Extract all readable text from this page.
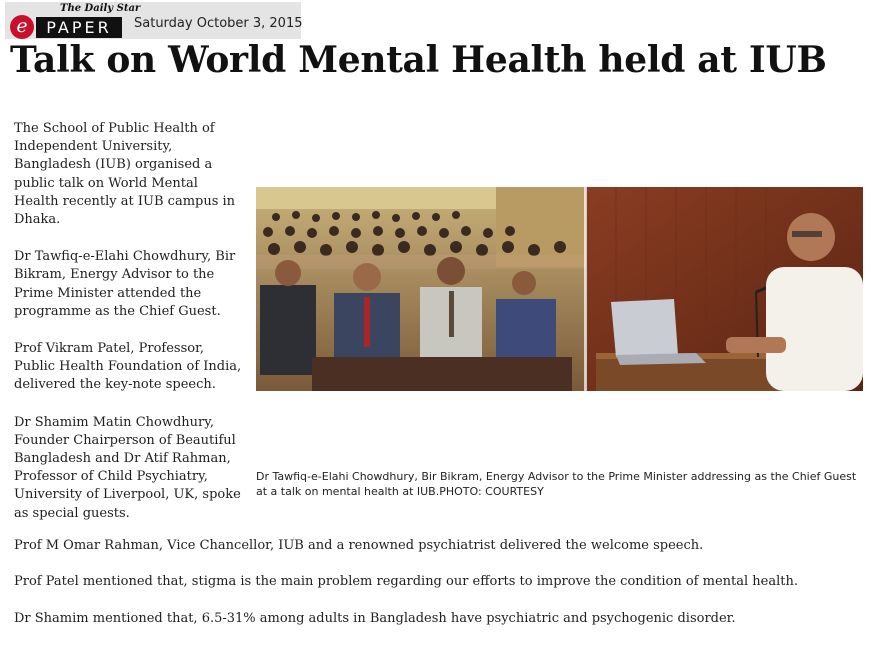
The Daily Star
e	PAPER	Saturday October 3, 2015
Talk on World Mental Health held at IUB

The School of Public Health of Independent University, Bangladesh (IUB) organised a public talk on World Mental Health recently at IUB campus in Dhaka.

Dr Tawfiq-e-Elahi Chowdhury, Bir Bikram, Energy Advisor to the Prime Minister attended the programme as the Chief Guest.

Prof Vikram Patel, Professor, Public Health Foundation of India, delivered the key-note speech.

Dr Shamim Matin Chowdhury, Founder Chairperson of Beautiful Bangladesh and Dr Atif Rahman, Professor of Child Psychiatry, University of Liverpool, UK, spoke as special guests.

Dr Tawfiq-e-Elahi Chowdhury, Bir Bikram, Energy Advisor to the Prime Minister addressing as the Chief Guest at a talk on mental health at IUB.PHOTO: COURTESY

Prof M Omar Rahman, Vice Chancellor, IUB and a renowned psychiatrist delivered the welcome speech.

Prof Patel mentioned that, stigma is the main problem regarding our efforts to improve the condition of mental health.

Dr Shamim mentioned that, 6.5-31% among adults in Bangladesh have psychiatric and psychogenic disorder.
